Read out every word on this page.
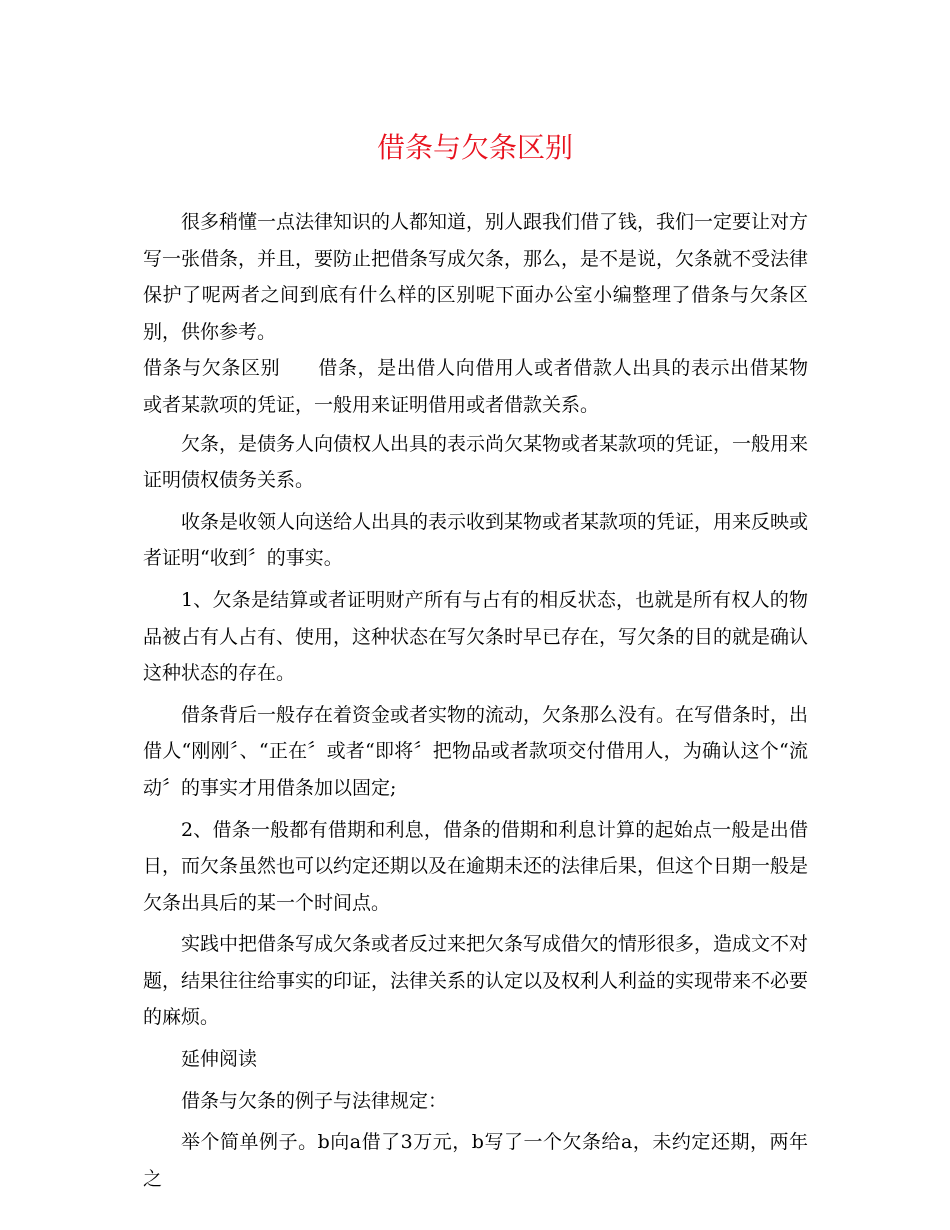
借条与欠条区别

很多稍懂一点法律知识的人都知道，别人跟我们借了钱，我们一定要让对方写一张借条，并且，要防止把借条写成欠条，那么，是不是说，欠条就不受法律保护了呢两者之间到底有什么样的区别呢下面办公室小编整理了借条与欠条区别，供你参考。

借条与欠条区别 借条，是出借人向借用人或者借款人出具的表示出借某物或者某款项的凭证，一般用来证明借用或者借款关系。

欠条，是债务人向债权人出具的表示尚欠某物或者某款项的凭证，一般用来证明债权债务关系。

收条是收领人向送给人出具的表示收到某物或者某款项的凭证，用来反映或者证明“收到〞的事实。

1、欠条是结算或者证明财产所有与占有的相反状态，也就是所有权人的物品被占有人占有、使用，这种状态在写欠条时早已存在，写欠条的目的就是确认这种状态的存在。

借条背后一般存在着资金或者实物的流动，欠条那么没有。在写借条时，出借人“刚刚〞、“正在〞或者“即将〞把物品或者款项交付借用人，为确认这个“流动〞的事实才用借条加以固定;

2、借条一般都有借期和利息，借条的借期和利息计算的起始点一般是出借日，而欠条虽然也可以约定还期以及在逾期未还的法律后果，但这个日期一般是欠条出具后的某一个时间点。

实践中把借条写成欠条或者反过来把欠条写成借欠的情形很多，造成文不对题，结果往往给事实的印证，法律关系的认定以及权利人利益的实现带来不必要的麻烦。

延伸阅读

借条与欠条的例子与法律规定：

举个简单例子。b向a借了3万元，b写了一个欠条给a，未约定还期，两年之
